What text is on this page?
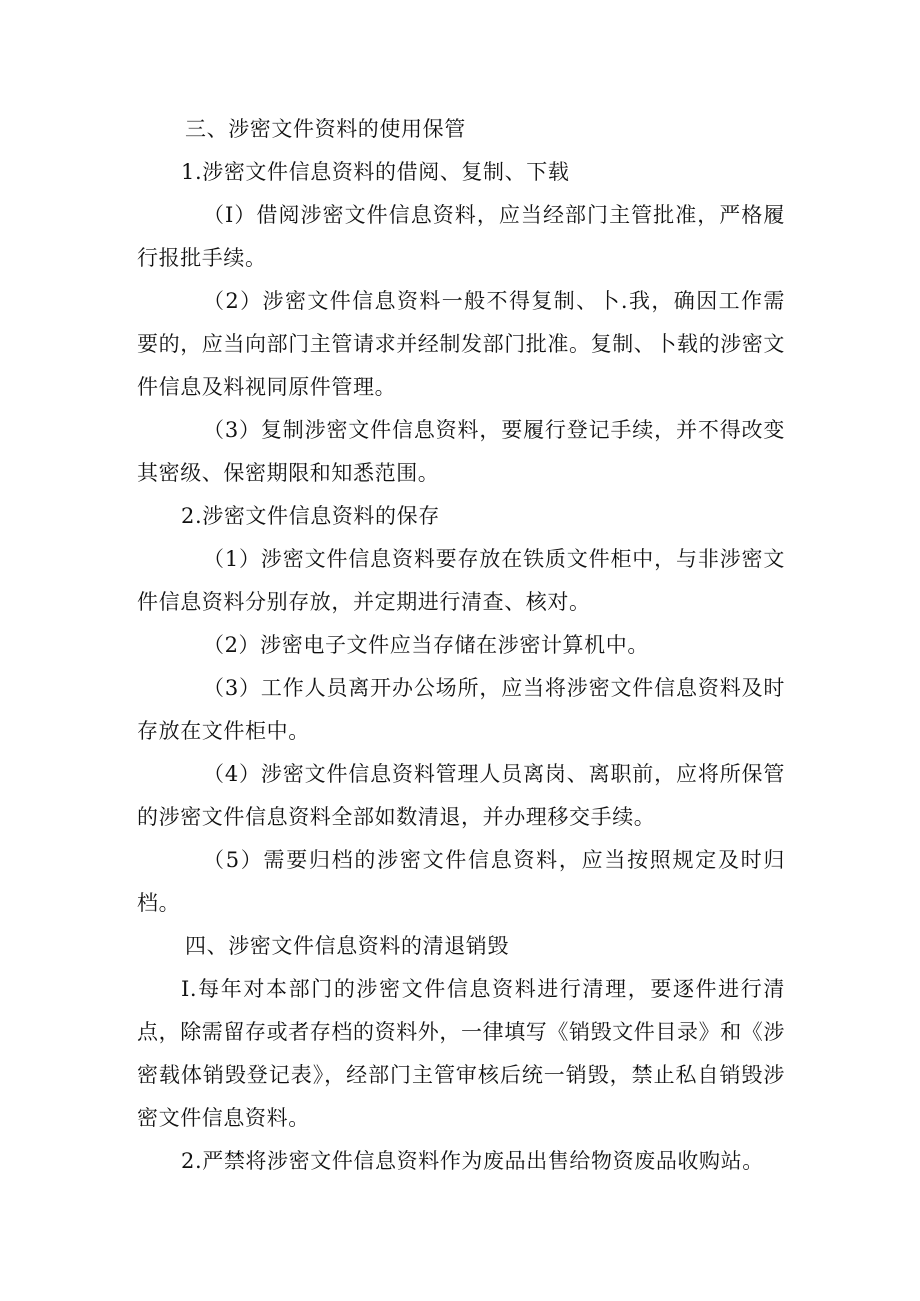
三、涉密文件资料的使用保管

1.涉密文件信息资料的借阅、复制、下载

（I）借阅涉密文件信息资料，应当经部门主管批准，严格履行报批手续。

（2）涉密文件信息资料一般不得复制、卜.我，确因工作需要的，应当向部门主管请求并经制发部门批准。复制、卜载的涉密文件信息及料视同原件管理。

（3）复制涉密文件信息资料，要履行登记手续，并不得改变其密级、保密期限和知悉范围。

2.涉密文件信息资料的保存

（1）涉密文件信息资料要存放在铁质文件柜中，与非涉密文件信息资料分别存放，并定期进行清查、核对。

（2）涉密电子文件应当存储在涉密计算机中。

（3）工作人员离开办公场所，应当将涉密文件信息资料及时存放在文件柜中。

（4）涉密文件信息资料管理人员离岗、离职前，应将所保管的涉密文件信息资料全部如数清退，并办理移交手续。

（5）需要归档的涉密文件信息资料，应当按照规定及时归档。

四、涉密文件信息资料的清退销毁

I.每年对本部门的涉密文件信息资料进行清理，要逐件进行清点，除需留存或者存档的资料外，一律填写《销毁文件目录》和《涉密载体销毁登记表》，经部门主管审核后统一销毁，禁止私自销毁涉密文件信息资料。

2.严禁将涉密文件信息资料作为废品出售给物资废品收购站。
